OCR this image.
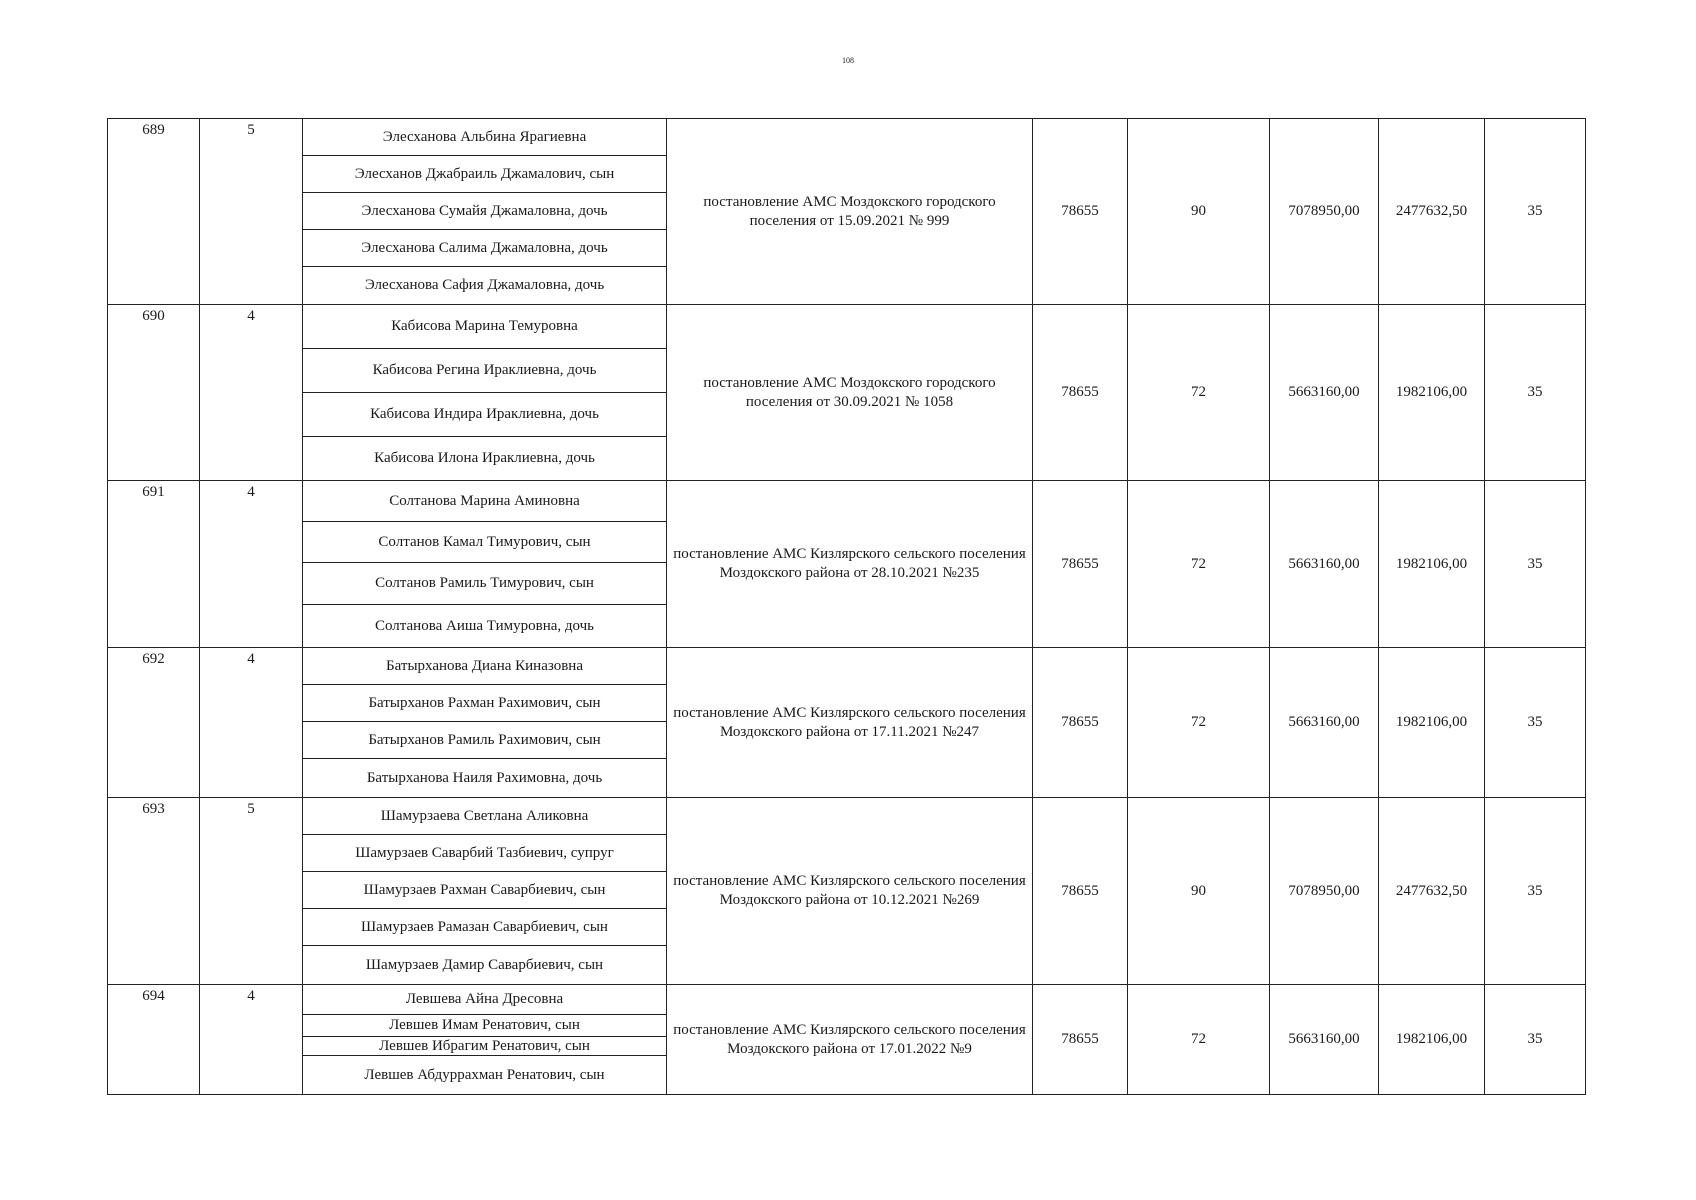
108
689	5	Элесханова Альбина Ярагиевна
Элесханов Джабраиль Джамалович, сын
Элесханова Сумайя Джамаловна, дочь
Элесханова Салима Джамаловна, дочь
Элесханова Сафия Джамаловна, дочь	постановление АМС Моздокского городского поселения от 15.09.2021 № 999	78655	90	7078950,00	2477632,50	35
690	4	Кабисова Марина Темуровна
Кабисова Регина Ираклиевна, дочь
Кабисова Индира Ираклиевна, дочь
Кабисова Илона Ираклиевна, дочь	постановление АМС Моздокского городского поселения от 30.09.2021 № 1058	78655	72	5663160,00	1982106,00	35
691	4	Солтанова Марина Аминовна
Солтанов Камал Тимурович, сын
Солтанов Рамиль Тимурович, сын
Солтанова Аиша Тимуровна, дочь	постановление АМС Кизлярского сельского поселения Моздокского района от 28.10.2021 №235	78655	72	5663160,00	1982106,00	35
692	4	Батырханова Диана Киназовна
Батырханов Рахман Рахимович, сын
Батырханов Рамиль Рахимович, сын
Батырханова Наиля Рахимовна, дочь	постановление АМС Кизлярского сельского поселения Моздокского района от 17.11.2021 №247	78655	72	5663160,00	1982106,00	35
693	5	Шамурзаева Светлана Аликовна
Шамурзаев Саварбий Тазбиевич, супруг
Шамурзаев Рахман Саварбиевич, сын
Шамурзаев Рамазан Саварбиевич, сын
Шамурзаев Дамир Саварбиевич, сын	постановление АМС Кизлярского сельского поселения Моздокского района от 10.12.2021 №269	78655	90	7078950,00	2477632,50	35
694	4	Левшева Айна Дресовна
Левшев Имам Ренатович, сын
Левшев Ибрагим Ренатович, сын
Левшев Абдуррахман Ренатович, сын	постановление АМС Кизлярского сельского поселения Моздокского района от 17.01.2022 №9	78655	72	5663160,00	1982106,00	35
